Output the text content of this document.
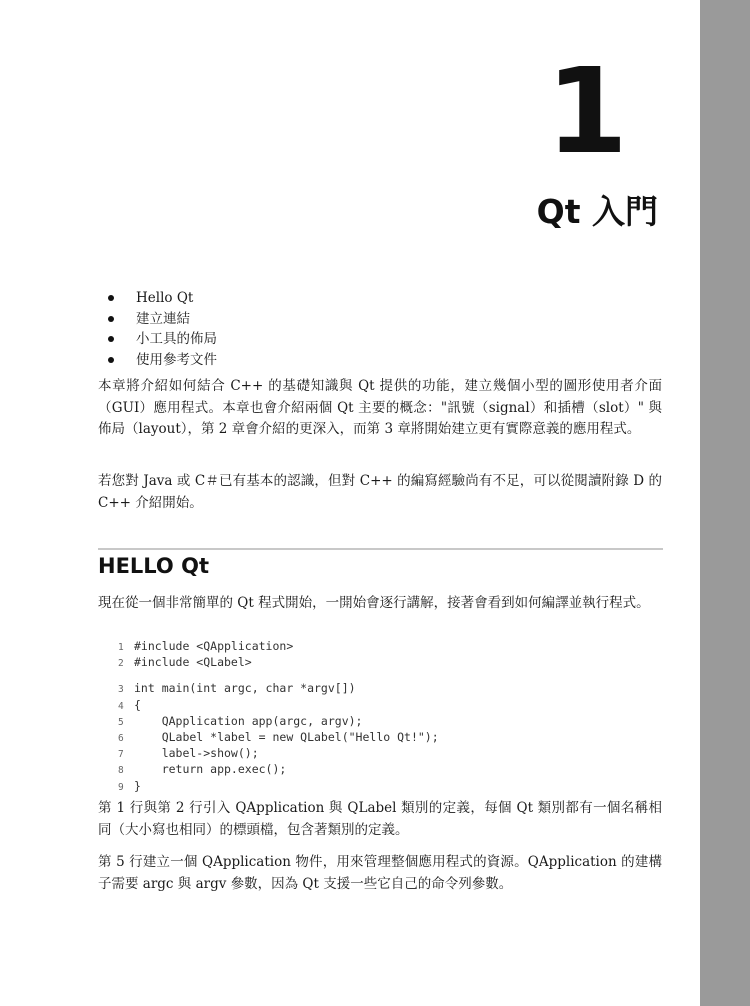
1
Qt 入門
Hello Qt
建立連結
小工具的佈局
使用參考文件

本章將介紹如何結合 C++ 的基礎知識與 Qt 提供的功能，建立幾個小型的圖形使用者介面（GUI）應用程式。本章也會介紹兩個 Qt 主要的概念："訊號（signal）和插槽（slot）" 與佈局（layout），第 2 章會介紹的更深入，而第 3 章將開始建立更有實際意義的應用程式。

若您對 Java 或 C＃已有基本的認識，但對 C++ 的編寫經驗尚有不足，可以從閱讀附錄 D 的 C++ 介紹開始。

HELLO Qt

現在從一個非常簡單的 Qt 程式開始，一開始會逐行講解，接著會看到如何編譯並執行程式。

1 #include <QApplication>
2 #include <QLabel>
3 int main(int argc, char *argv[])
4 {
5    QApplication app(argc, argv);
6    QLabel *label = new QLabel("Hello Qt!");
7    label->show();
8    return app.exec();
9 }

第 1 行與第 2 行引入 QApplication 與 QLabel 類別的定義，每個 Qt 類別都有一個名稱相同（大小寫也相同）的標頭檔，包含著類別的定義。

第 5 行建立一個 QApplication 物件，用來管理整個應用程式的資源。QApplication 的建構子需要 argc 與 argv 參數，因為 Qt 支援一些它自己的命令列參數。
